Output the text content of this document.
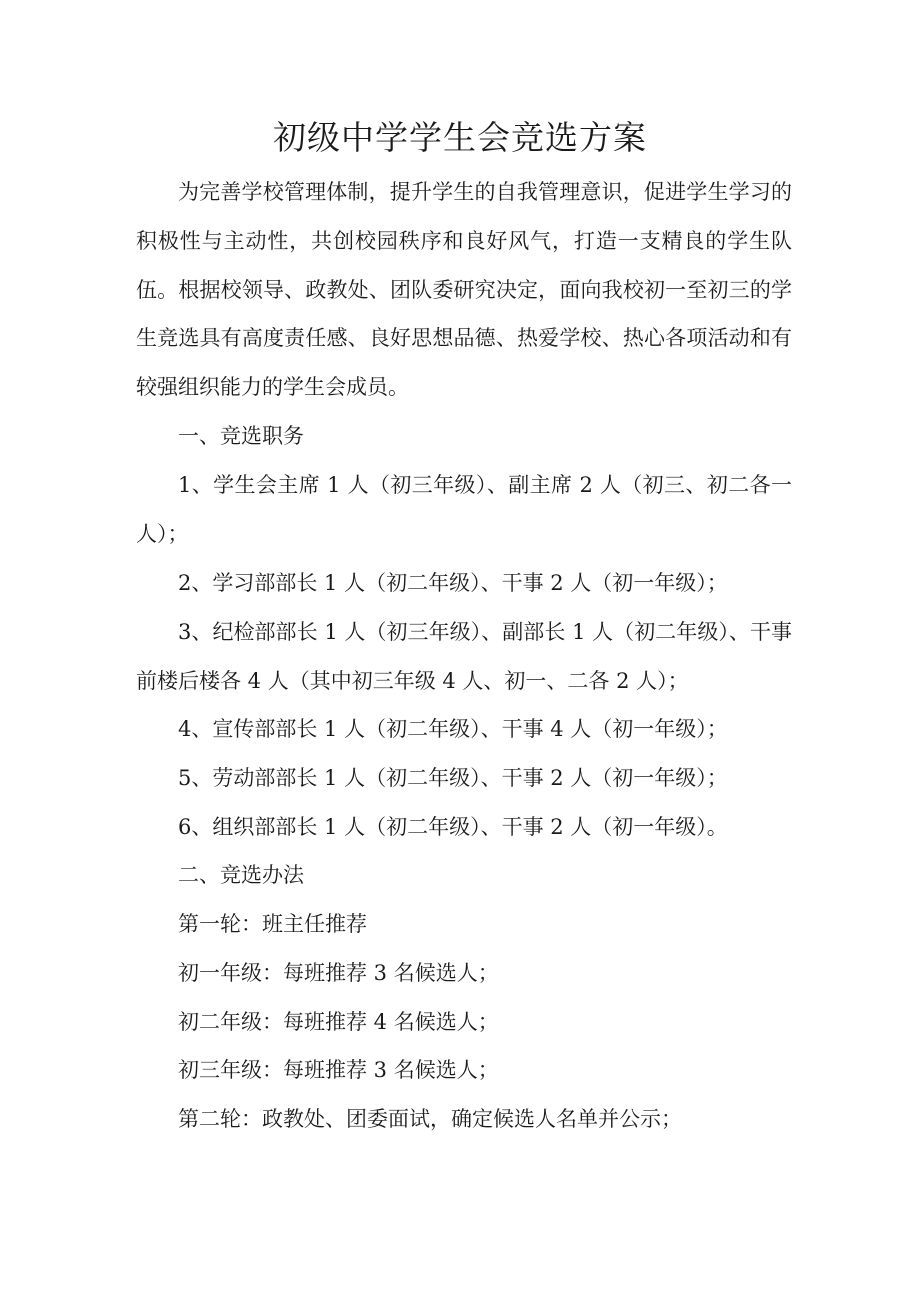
初级中学学生会竞选方案

为完善学校管理体制，提升学生的自我管理意识，促进学生学习的积极性与主动性，共创校园秩序和良好风气，打造一支精良的学生队伍。根据校领导、政教处、团队委研究决定，面向我校初一至初三的学生竞选具有高度责任感、良好思想品德、热爱学校、热心各项活动和有较强组织能力的学生会成员。

一、竞选职务

1、学生会主席 1 人（初三年级）、副主席 2 人（初三、初二各一人）；

2、学习部部长 1 人（初二年级）、干事 2 人（初一年级）；

3、纪检部部长 1 人（初三年级）、副部长 1 人（初二年级）、干事前楼后楼各 4 人（其中初三年级 4 人、初一、二各 2 人）；

4、宣传部部长 1 人（初二年级）、干事 4 人（初一年级）；

5、劳动部部长 1 人（初二年级）、干事 2 人（初一年级）；

6、组织部部长 1 人（初二年级）、干事 2 人（初一年级）。

二、竞选办法

第一轮：班主任推荐

初一年级：每班推荐 3 名候选人；

初二年级：每班推荐 4 名候选人；

初三年级：每班推荐 3 名候选人；

第二轮：政教处、团委面试，确定候选人名单并公示；
